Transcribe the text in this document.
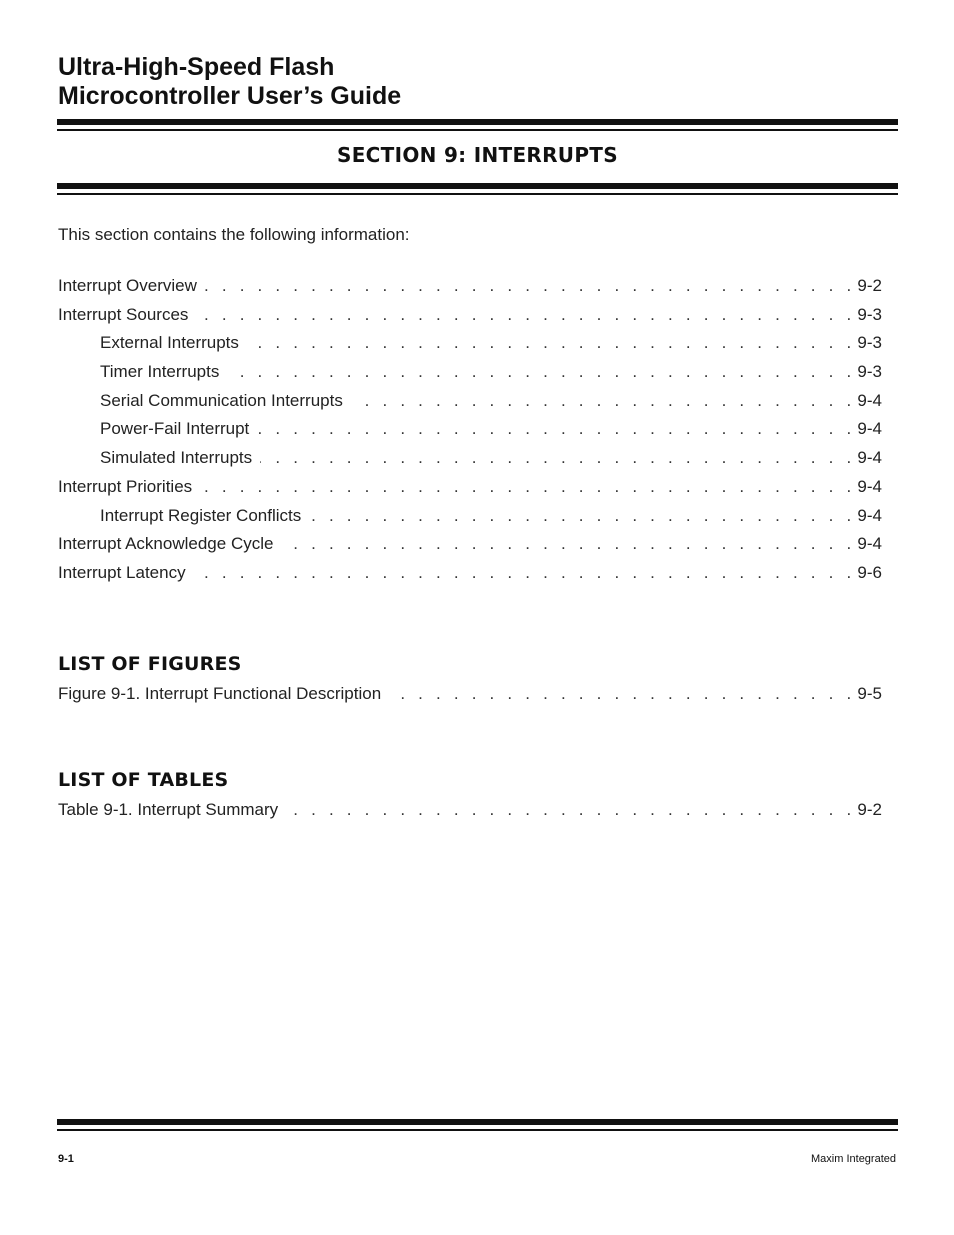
Ultra-High-Speed Flash
Microcontroller User’s Guide
SECTION 9: INTERRUPTS

This section contains the following information:

Interrupt Overview . . .	9-2
Interrupt Sources . . .	9-3
External Interrupts . . .	9-3
Timer Interrupts . . .	9-3
Serial Communication Interrupts . . .	9-4
Power-Fail Interrupt . . .	9-4
Simulated Interrupts . . .	9-4
Interrupt Priorities . . .	9-4
Interrupt Register Conflicts . . .	9-4
Interrupt Acknowledge Cycle . . .	9-4
Interrupt Latency . . .	9-6
LIST OF FIGURES
Figure 9-1. Interrupt Functional Description . . .	9-5
LIST OF TABLES
Table 9-1. Interrupt Summary . . .	9-2
9-1	Maxim Integrated
